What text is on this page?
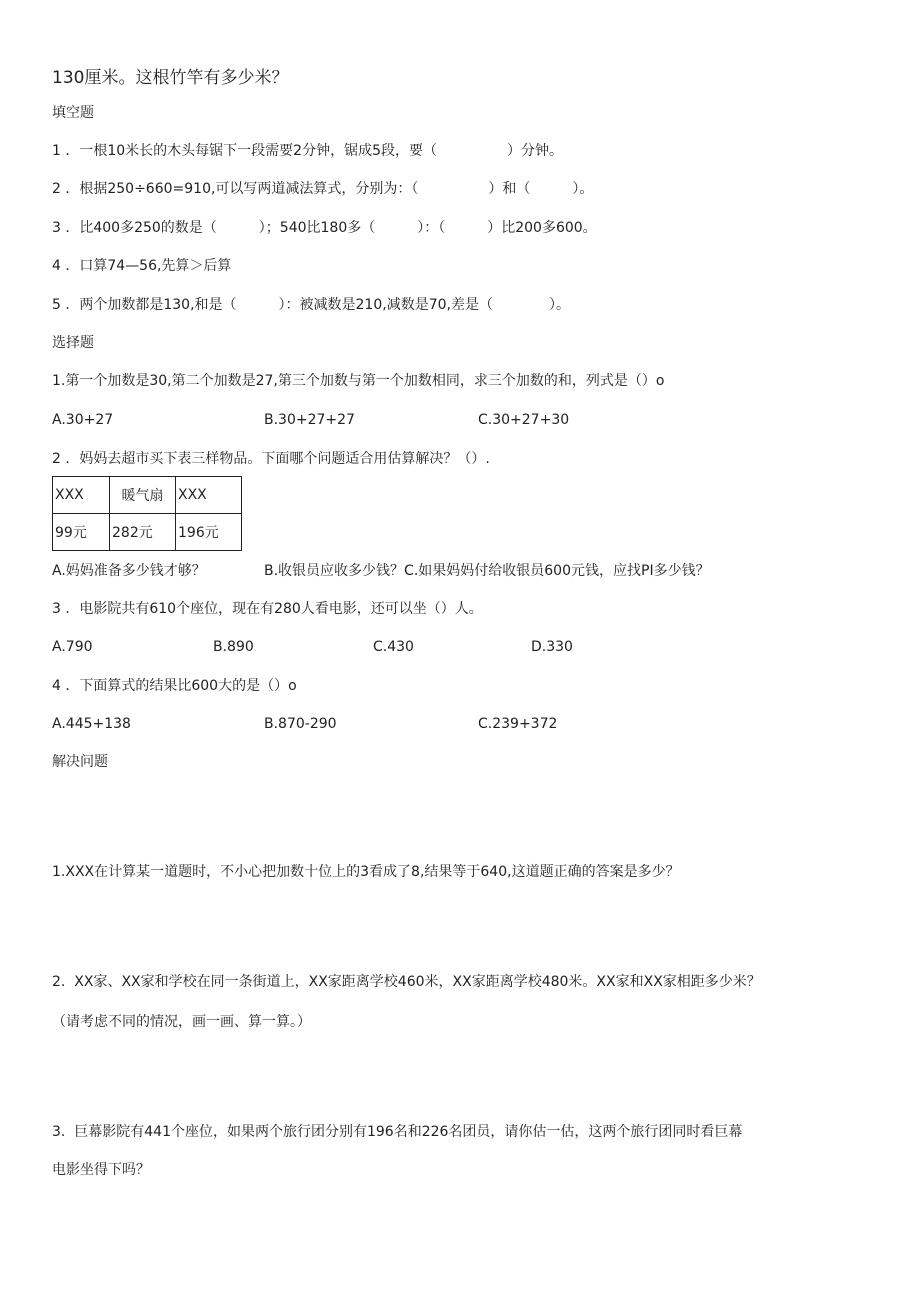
130厘米。这根竹竿有多少米？
填空题
1 ．一根10米长的木头每锯下一段需要2分钟，锯成5段，要（　　　　　）分钟。
2 ．根据250÷660=910,可以写两道减法算式，分别为：（　　　　　）和（　　　）。
3 ．比400多250的数是（　　　）；540比180多（　　　）：（　　　）比200多600。
4 ．口算74—56,先算＞后算
5 ．两个加数都是130,和是（　　　）：被减数是210,减数是70,差是（　　　　）。
选择题
1.第一个加数是30,第二个加数是27,第三个加数与第一个加数相同，求三个加数的和，列式是（）o
A.30+27	B.30+27+27	C.30+27+30
2 ．妈妈去超市买下表三样物品。下面哪个问题适合用估算解决？（）.
XXX	暖气扇	XXX
99元	282元	196元
A.妈妈准备多少钱才够？	B.收银员应收多少钱？C.如果妈妈付给收银员600元钱，应找PI多少钱？
3 ．电影院共有610个座位，现在有280人看电影，还可以坐（）人。
A.790	B.890	C.430	D.330
4 ．下面算式的结果比600大的是（）o
A.445+138	B.870-290	C.239+372
解决问题
1.XXX在计算某一道题时，不小心把加数十位上的3看成了8,结果等于640,这道题正确的答案是多少？
2.  XX家、XX家和学校在同一条街道上，XX家距离学校460米，XX家距离学校480米。XX家和XX家相距多少米？
（请考虑不同的情况，画一画、算一算。）
3.  巨幕影院有441个座位，如果两个旅行团分别有196名和226名团员，请你估一估，这两个旅行团同时看巨幕
电影坐得下吗？
